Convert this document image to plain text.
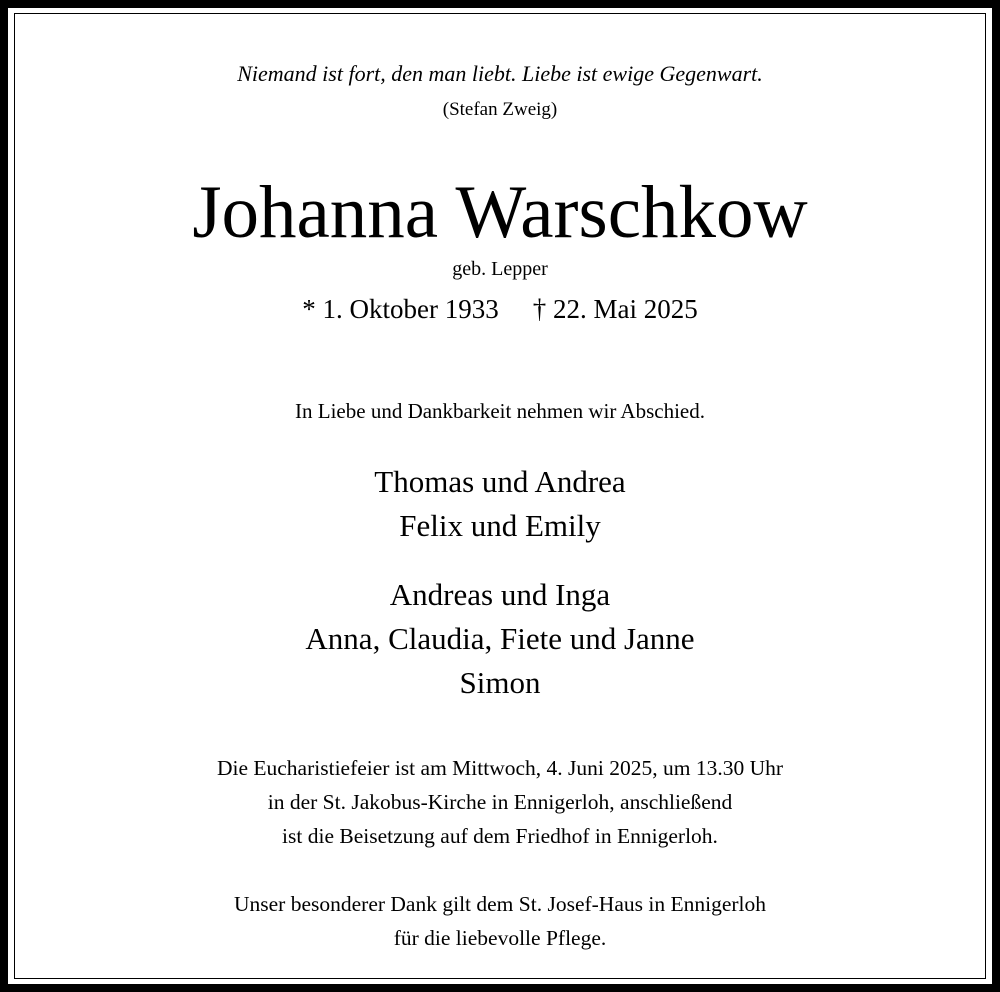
Niemand ist fort, den man liebt. Liebe ist ewige Gegenwart.
(Stefan Zweig)
Johanna Warschkow
geb. Lepper
* 1. Oktober 1933 † 22. Mai 2025
In Liebe und Dankbarkeit nehmen wir Abschied.
Thomas und Andrea
Felix und Emily
Andreas und Inga
Anna, Claudia, Fiete und Janne
Simon
Die Eucharistiefeier ist am Mittwoch, 4. Juni 2025, um 13.30 Uhr
in der St. Jakobus-Kirche in Ennigerloh, anschließend
ist die Beisetzung auf dem Friedhof in Ennigerloh.
Unser besonderer Dank gilt dem St. Josef-Haus in Ennigerloh
für die liebevolle Pflege.
